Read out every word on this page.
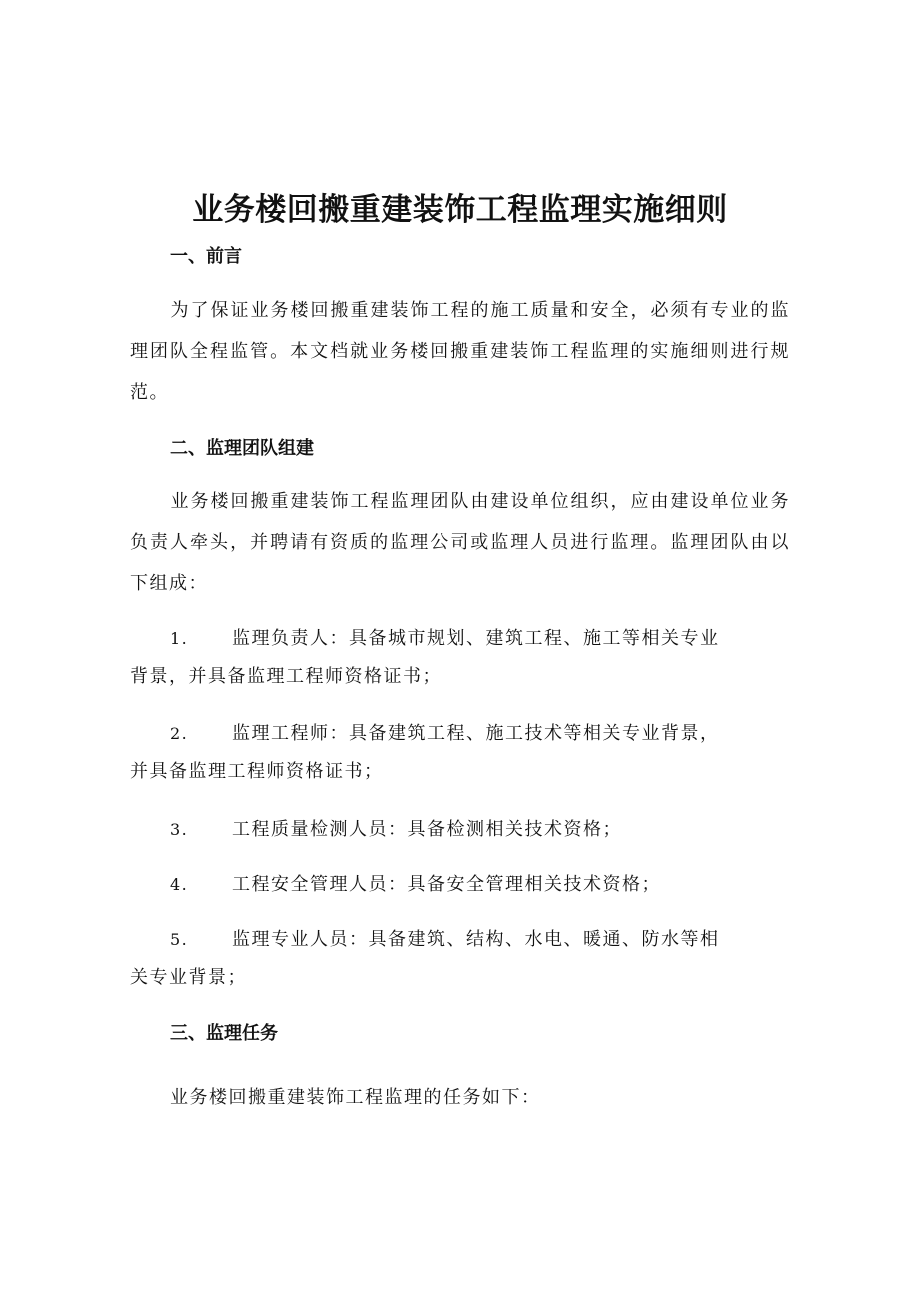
业务楼回搬重建装饰工程监理实施细则
一、前言
为了保证业务楼回搬重建装饰工程的施工质量和安全，必须有专业的监理团队全程监管。本文档就业务楼回搬重建装饰工程监理的实施细则进行规范。
二、监理团队组建
业务楼回搬重建装饰工程监理团队由建设单位组织，应由建设单位业务负责人牵头，并聘请有资质的监理公司或监理人员进行监理。监理团队由以下组成：
1. 监理负责人：具备城市规划、建筑工程、施工等相关专业
背景，并具备监理工程师资格证书；
2. 监理工程师：具备建筑工程、施工技术等相关专业背景，
并具备监理工程师资格证书；
3. 工程质量检测人员：具备检测相关技术资格；
4. 工程安全管理人员：具备安全管理相关技术资格；
5. 监理专业人员：具备建筑、结构、水电、暖通、防水等相
关专业背景；
三、监理任务
业务楼回搬重建装饰工程监理的任务如下：
